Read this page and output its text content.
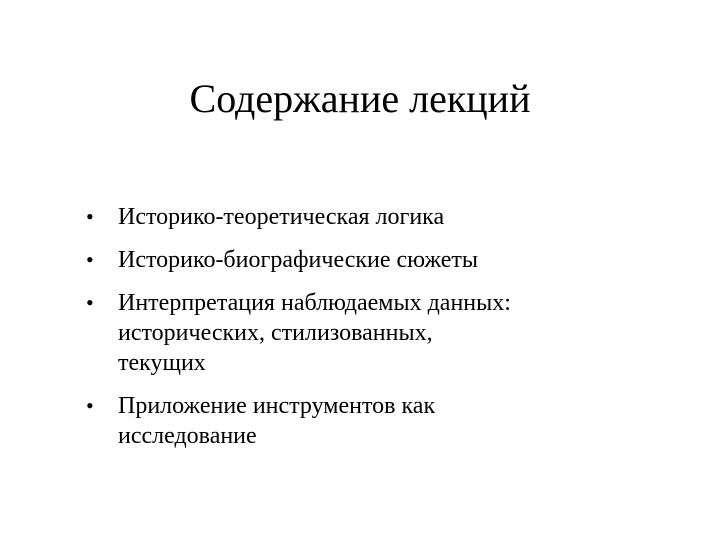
Содержание лекций
•	Историко-теоретическая логика
•	Историко-биографические сюжеты
•	Интерпретация наблюдаемых данных:
исторических, стилизованных,
текущих
•	Приложение инструментов как
исследование
